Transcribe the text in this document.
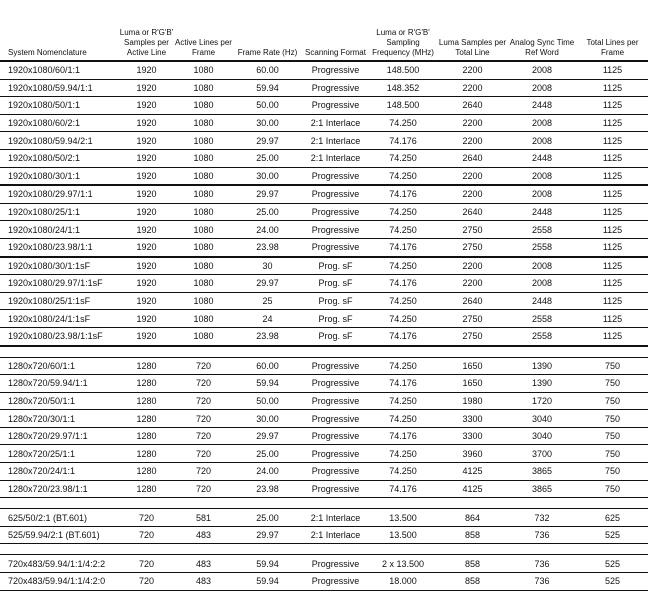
System Nomenclature	Luma or R'G'B' Samples per Active Line	Active Lines per Frame	Frame Rate (Hz)	Scanning Format	Luma or R'G'B' Sampling Frequency (MHz)	Luma Samples per Total Line	Analog Sync Time Ref Word	Total Lines per Frame
1920x1080/60/1:1	1920	1080	60.00	Progressive	148.500	2200	2008	1125
1920x1080/59.94/1:1	1920	1080	59.94	Progressive	148.352	2200	2008	1125
1920x1080/50/1:1	1920	1080	50.00	Progressive	148.500	2640	2448	1125
1920x1080/60/2:1	1920	1080	30.00	2:1 Interlace	74.250	2200	2008	1125
1920x1080/59.94/2:1	1920	1080	29.97	2:1 Interlace	74.176	2200	2008	1125
1920x1080/50/2:1	1920	1080	25.00	2:1 Interlace	74.250	2640	2448	1125
1920x1080/30/1:1	1920	1080	30.00	Progressive	74.250	2200	2008	1125
1920x1080/29.97/1:1	1920	1080	29.97	Progressive	74.176	2200	2008	1125
1920x1080/25/1:1	1920	1080	25.00	Progressive	74.250	2640	2448	1125
1920x1080/24/1:1	1920	1080	24.00	Progressive	74.250	2750	2558	1125
1920x1080/23.98/1:1	1920	1080	23.98	Progressive	74.176	2750	2558	1125
1920x1080/30/1:1sF	1920	1080	30	Prog. sF	74.250	2200	2008	1125
1920x1080/29.97/1:1sF	1920	1080	29.97	Prog. sF	74.176	2200	2008	1125
1920x1080/25/1:1sF	1920	1080	25	Prog. sF	74.250	2640	2448	1125
1920x1080/24/1:1sF	1920	1080	24	Prog. sF	74.250	2750	2558	1125
1920x1080/23.98/1:1sF	1920	1080	23.98	Prog. sF	74.176	2750	2558	1125

1280x720/60/1:1	1280	720	60.00	Progressive	74.250	1650	1390	750
1280x720/59.94/1:1	1280	720	59.94	Progressive	74.176	1650	1390	750
1280x720/50/1:1	1280	720	50.00	Progressive	74.250	1980	1720	750
1280x720/30/1:1	1280	720	30.00	Progressive	74.250	3300	3040	750
1280x720/29.97/1:1	1280	720	29.97	Progressive	74.176	3300	3040	750
1280x720/25/1:1	1280	720	25.00	Progressive	74.250	3960	3700	750
1280x720/24/1:1	1280	720	24.00	Progressive	74.250	4125	3865	750
1280x720/23.98/1:1	1280	720	23.98	Progressive	74.176	4125	3865	750

625/50/2:1 (BT.601)	720	581	25.00	2:1 Interlace	13.500	864	732	625
525/59.94/2:1 (BT.601)	720	483	29.97	2:1 Interlace	13.500	858	736	525

720x483/59.94/1:1/4:2:2	720	483	59.94	Progressive	2 x 13.500	858	736	525
720x483/59.94/1:1/4:2:0	720	483	59.94	Progressive	18.000	858	736	525
